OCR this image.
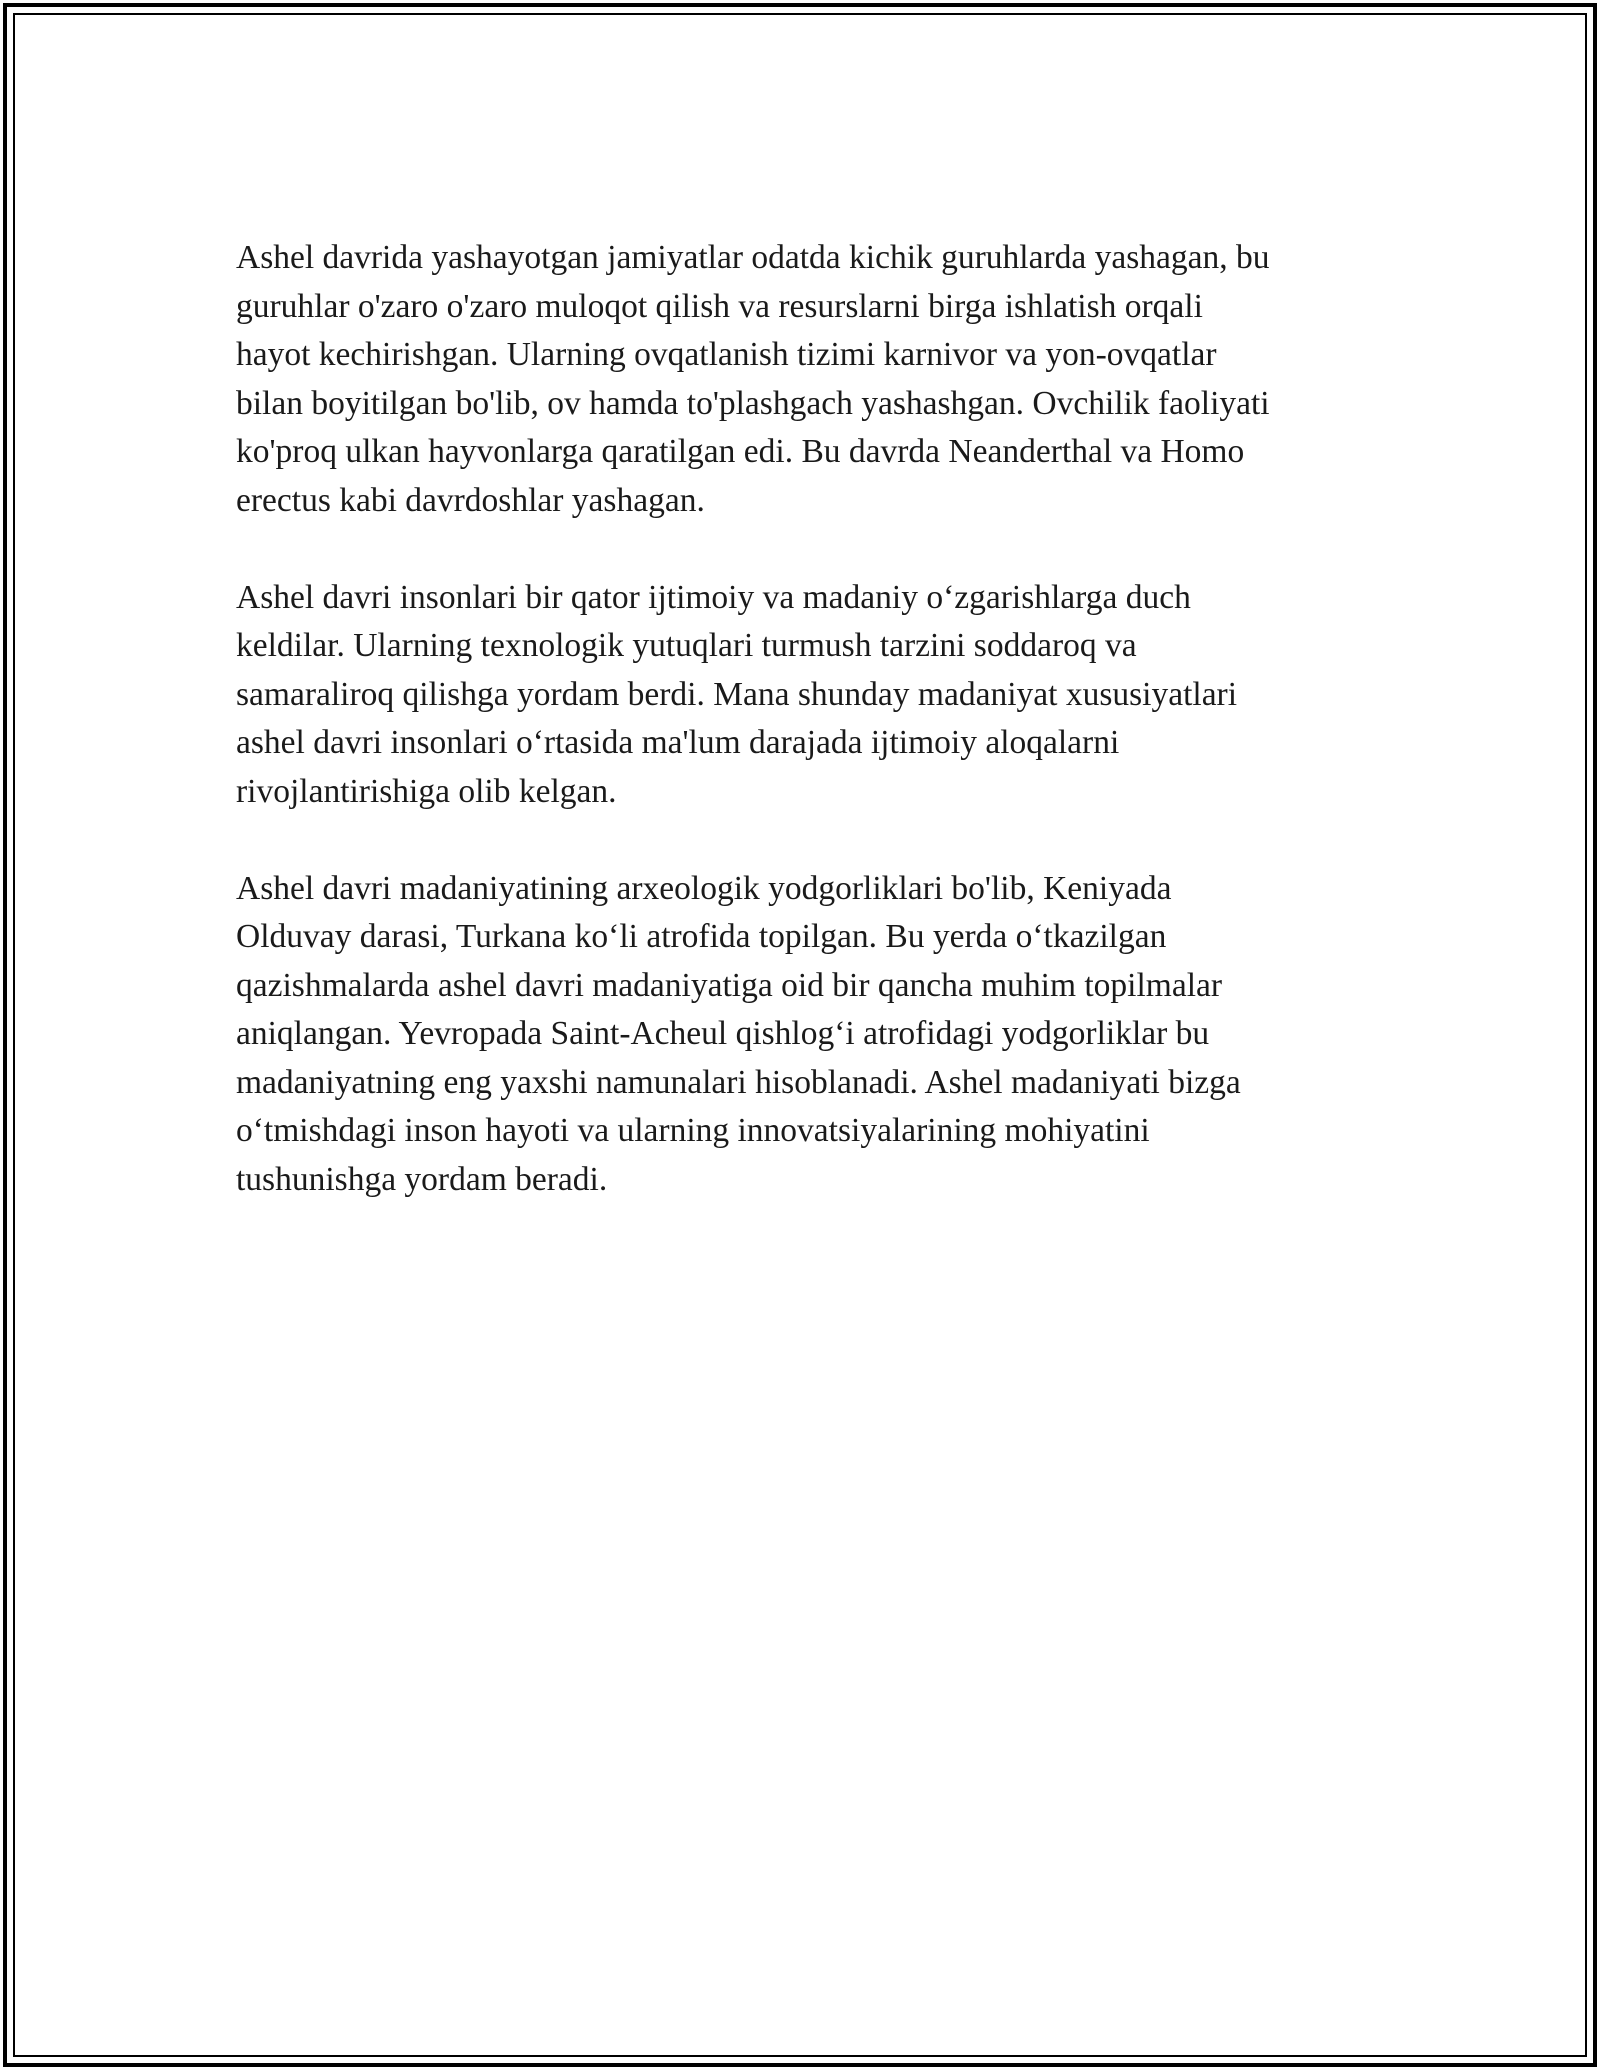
Ashel davrida yashayotgan jamiyatlar odatda kichik guruhlarda yashagan, bu
guruhlar o'zaro o'zaro muloqot qilish va resurslarni birga ishlatish orqali
hayot kechirishgan. Ularning ovqatlanish tizimi karnivor va yon-ovqatlar
bilan boyitilgan bo'lib, ov hamda to'plashgach yashashgan. Ovchilik faoliyati
ko'proq ulkan hayvonlarga qaratilgan edi. Bu davrda Neanderthal va Homo
erectus kabi davrdoshlar yashagan.

Ashel davri insonlari bir qator ijtimoiy va madaniy o‘zgarishlarga duch
keldilar. Ularning texnologik yutuqlari turmush tarzini soddaroq va
samaraliroq qilishga yordam berdi. Mana shunday madaniyat xususiyatlari
ashel davri insonlari o‘rtasida ma'lum darajada ijtimoiy aloqalarni
rivojlantirishiga olib kelgan.

Ashel davri madaniyatining arxeologik yodgorliklari bo'lib, Keniyada
Olduvay darasi, Turkana ko‘li atrofida topilgan. Bu yerda o‘tkazilgan
qazishmalarda ashel davri madaniyatiga oid bir qancha muhim topilmalar
aniqlangan. Yevropada Saint-Acheul qishlog‘i atrofidagi yodgorliklar bu
madaniyatning eng yaxshi namunalari hisoblanadi. Ashel madaniyati bizga
o‘tmishdagi inson hayoti va ularning innovatsiyalarining mohiyatini
tushunishga yordam beradi.
